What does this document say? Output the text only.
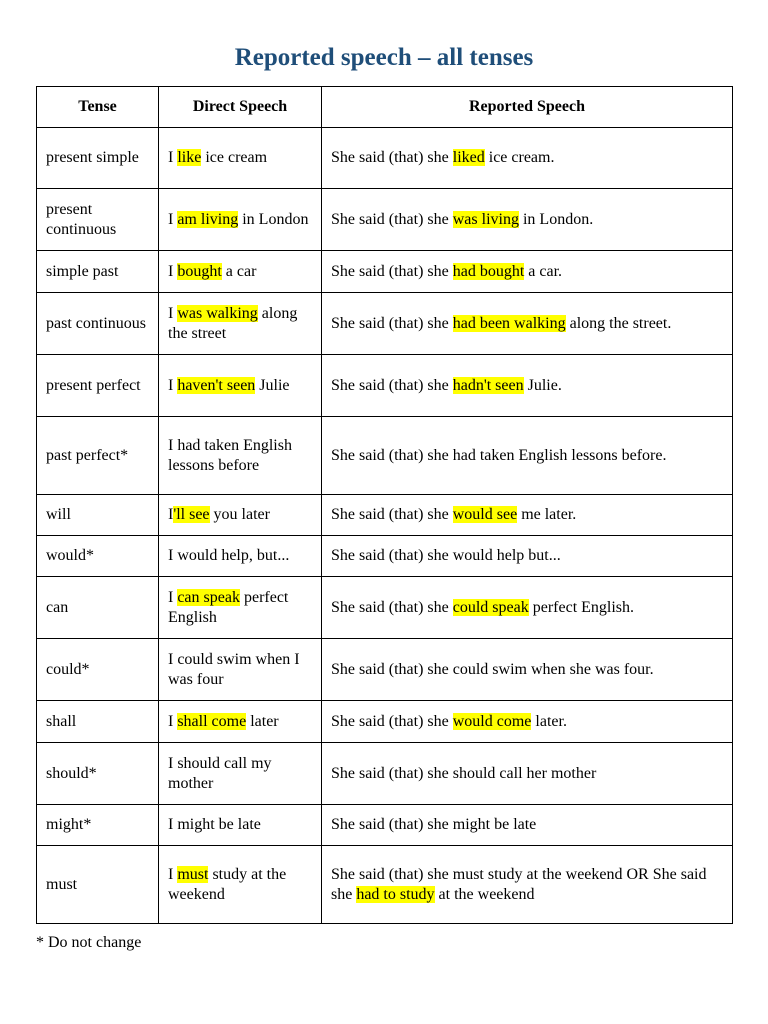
Reported speech – all tenses
Tense	Direct Speech	Reported Speech
present simple	I like ice cream	She said (that) she liked ice cream.
present continuous	I am living in London	She said (that) she was living in London.
simple past	I bought a car	She said (that) she had bought a car.
past continuous	I was walking along the street	She said (that) she had been walking along the street.
present perfect	I haven't seen Julie	She said (that) she hadn't seen Julie.
past perfect*	I had taken English lessons before	She said (that) she had taken English lessons before.
will	I'll see you later	She said (that) she would see me later.
would*	I would help, but...	She said (that) she would help but...
can	I can speak perfect English	She said (that) she could speak perfect English.
could*	I could swim when I was four	She said (that) she could swim when she was four.
shall	I shall come later	She said (that) she would come later.
should*	I should call my mother	She said (that) she should call her mother
might*	I might be late	She said (that) she might be late
must	I must study at the weekend	She said (that) she must study at the weekend OR She said she had to study at the weekend
* Do not change
